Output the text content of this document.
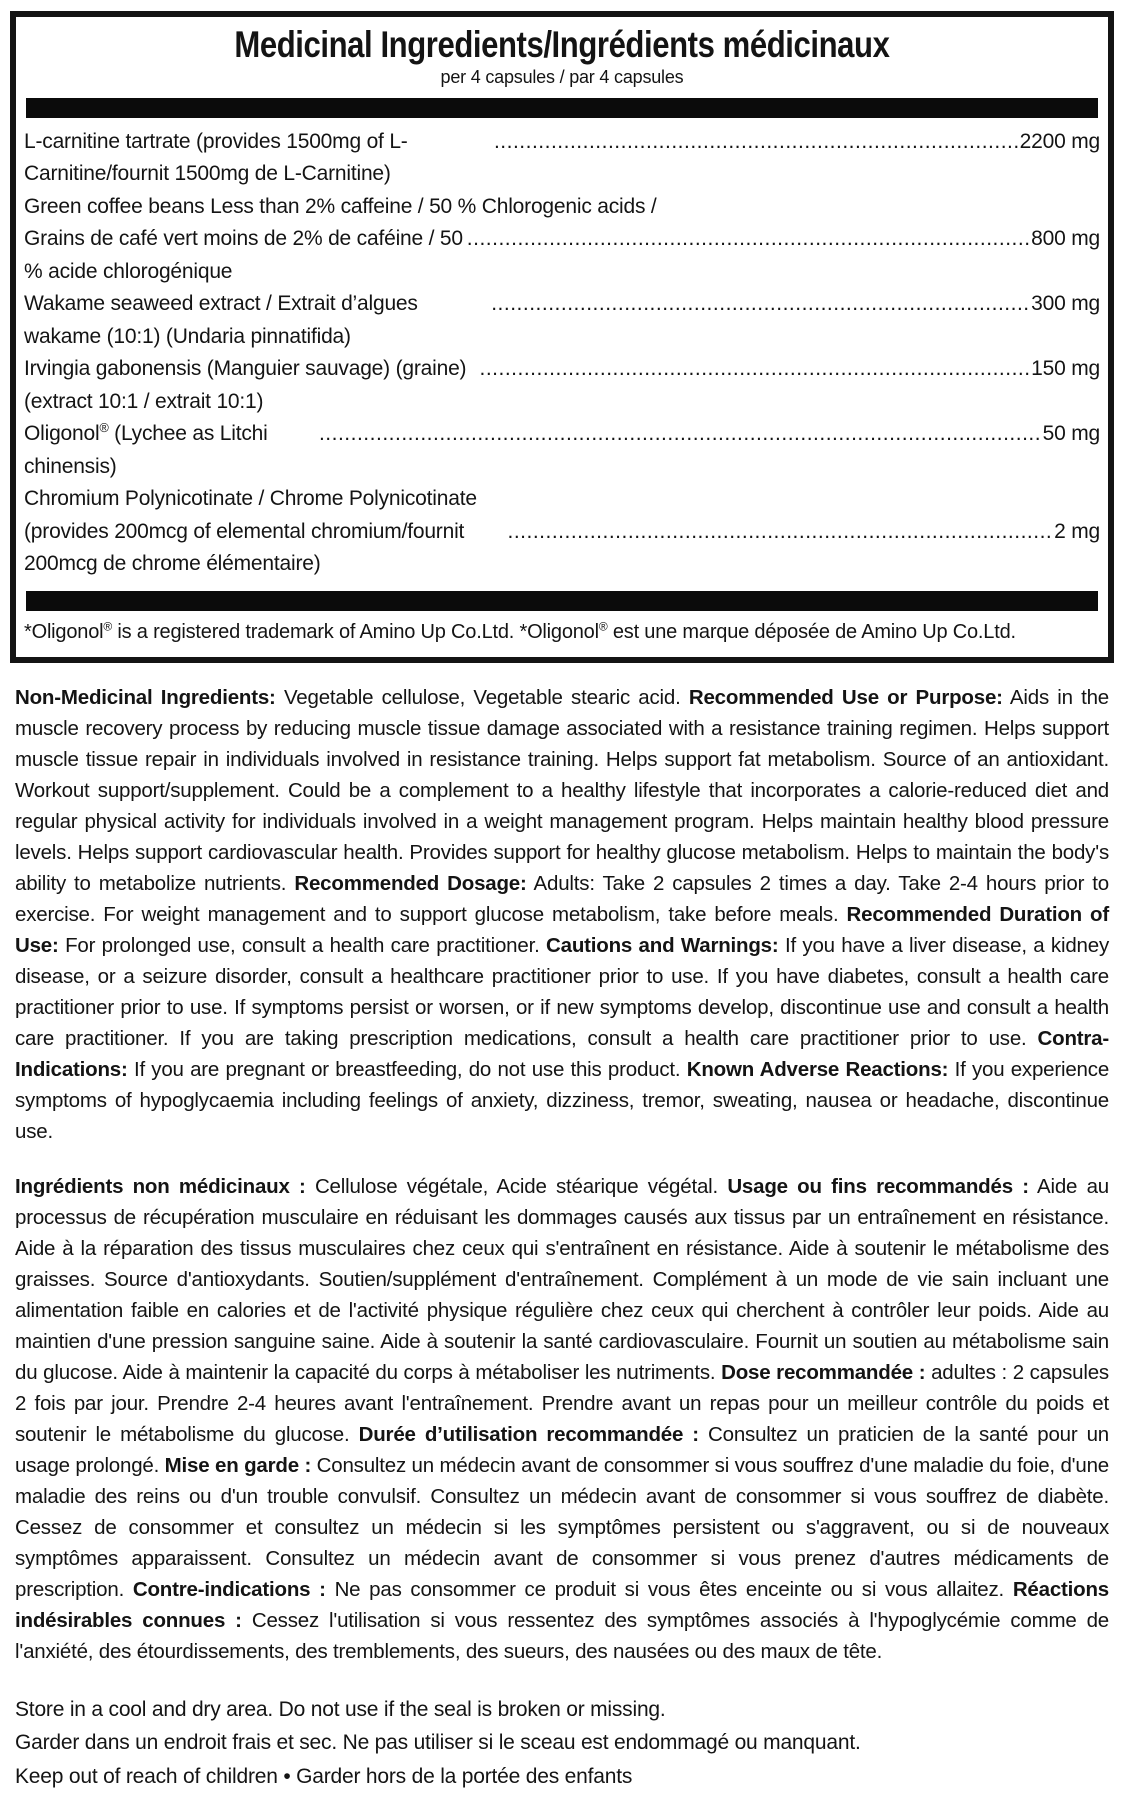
Medicinal Ingredients/Ingrédients médicinaux
per 4 capsules / par 4 capsules
L-carnitine tartrate (provides 1500mg of L-Carnitine/fournit 1500mg de L-Carnitine)
.....
2200 mg
Green coffee beans Less than 2% caffeine / 50 % Chlorogenic acids /
Grains de café vert moins de 2% de caféine / 50 % acide chlorogénique
.....
800 mg
Wakame seaweed extract / Extrait d’algues wakame (10:1) (Undaria pinnatifida)
.....
300 mg
Irvingia gabonensis (Manguier sauvage) (graine) (extract 10:1 / extrait 10:1)
.....
150 mg
Oligonol® (Lychee as Litchi chinensis)
.....
50 mg
Chromium Polynicotinate / Chrome Polynicotinate
(provides 200mcg of elemental chromium/fournit 200mcg de chrome élémentaire)
.....
2 mg
*Oligonol® is a registered trademark of Amino Up Co.Ltd. *Oligonol® est une marque déposée de Amino Up Co.Ltd.

Non-Medicinal Ingredients: Vegetable cellulose, Vegetable stearic acid. Recommended Use or Purpose: Aids in the muscle recovery process by reducing muscle tissue damage associated with a resistance training regimen. Helps support muscle tissue repair in individuals involved in resistance training. Helps support fat metabolism. Source of an antioxidant. Workout support/supplement. Could be a complement to a healthy lifestyle that incorporates a calorie-reduced diet and regular physical activity for individuals involved in a weight management program. Helps maintain healthy blood pressure levels. Helps support cardiovascular health. Provides support for healthy glucose metabolism. Helps to maintain the body's ability to metabolize nutrients. Recommended Dosage: Adults: Take 2 capsules 2 times a day. Take 2-4 hours prior to exercise. For weight management and to support glucose metabolism, take before meals. Recommended Duration of Use: For prolonged use, consult a health care practitioner. Cautions and Warnings: If you have a liver disease, a kidney disease, or a seizure disorder, consult a healthcare practitioner prior to use. If you have diabetes, consult a health care practitioner prior to use. If symptoms persist or worsen, or if new symptoms develop, discontinue use and consult a health care practitioner. If you are taking prescription medications, consult a health care practitioner prior to use. Contra-Indications: If you are pregnant or breastfeeding, do not use this product. Known Adverse Reactions: If you experience symptoms of hypoglycaemia including feelings of anxiety, dizziness, tremor, sweating, nausea or headache, discontinue use.

Ingrédients non médicinaux : Cellulose végétale, Acide stéarique végétal. Usage ou fins recommandés : Aide au processus de récupération musculaire en réduisant les dommages causés aux tissus par un entraînement en résistance. Aide à la réparation des tissus musculaires chez ceux qui s'entraînent en résistance. Aide à soutenir le métabolisme des graisses. Source d'antioxydants. Soutien/supplément d'entraînement. Complément à un mode de vie sain incluant une alimentation faible en calories et de l'activité physique régulière chez ceux qui cherchent à contrôler leur poids. Aide au maintien d'une pression sanguine saine. Aide à soutenir la santé cardiovasculaire. Fournit un soutien au métabolisme sain du glucose. Aide à maintenir la capacité du corps à métaboliser les nutriments. Dose recommandée : adultes : 2 capsules 2 fois par jour. Prendre 2-4 heures avant l'entraînement. Prendre avant un repas pour un meilleur contrôle du poids et soutenir le métabolisme du glucose. Durée d’utilisation recommandée : Consultez un praticien de la santé pour un usage prolongé. Mise en garde : Consultez un médecin avant de consommer si vous souffrez d'une maladie du foie, d'une maladie des reins ou d'un trouble convulsif. Consultez un médecin avant de consommer si vous souffrez de diabète. Cessez de consommer et consultez un médecin si les symptômes persistent ou s'aggravent, ou si de nouveaux symptômes apparaissent. Consultez un médecin avant de consommer si vous prenez d'autres médicaments de prescription. Contre-indications : Ne pas consommer ce produit si vous êtes enceinte ou si vous allaitez. Réactions indésirables connues : Cessez l'utilisation si vous ressentez des symptômes associés à l'hypoglycémie comme de l'anxiété, des étourdissements, des tremblements, des sueurs, des nausées ou des maux de tête.

Store in a cool and dry area. Do not use if the seal is broken or missing.
Garder dans un endroit frais et sec. Ne pas utiliser si le sceau est endommagé ou manquant.
Keep out of reach of children • Garder hors de la portée des enfants
